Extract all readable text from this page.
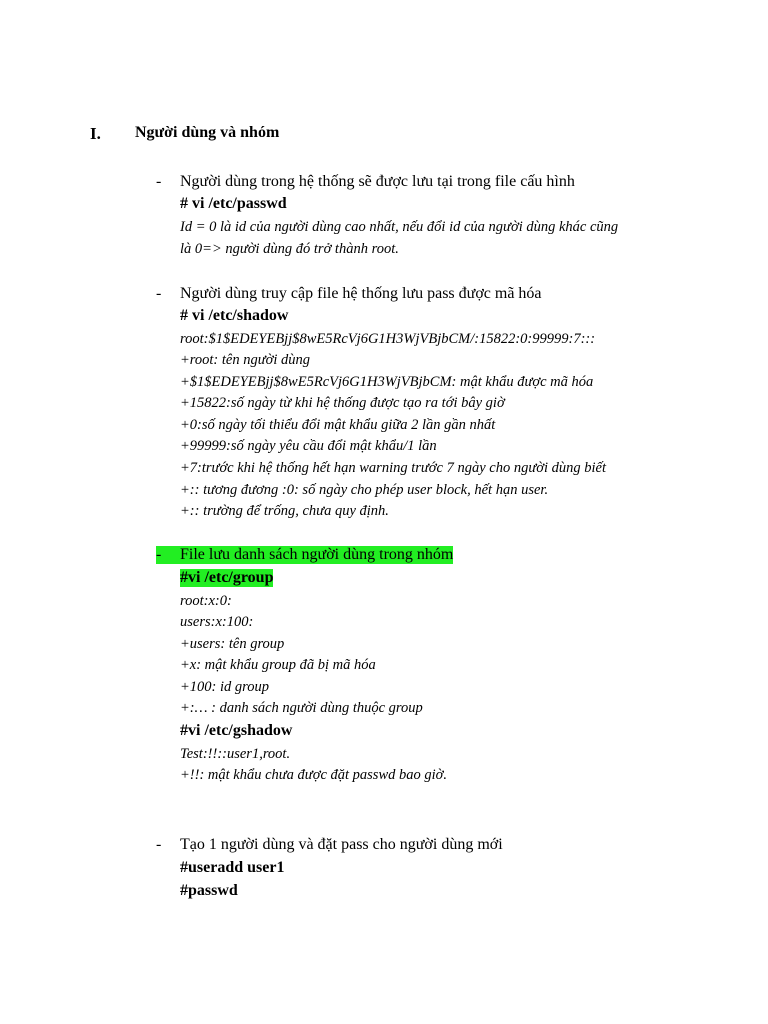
I. Người dùng và nhóm
- Người dùng trong hệ thống sẽ được lưu tại trong file cấu hình
# vi /etc/passwd
Id = 0 là id của người dùng cao nhất, nếu đổi id của người dùng khác cũng
là 0=> người dùng đó trở thành root.
- Người dùng truy cập file hệ thống lưu pass được mã hóa
# vi /etc/shadow
root:$1$EDEYEBjj$8wE5RcVj6G1H3WjVBjbCM/:15822:0:99999:7:::
+root: tên người dùng
+$1$EDEYEBjj$8wE5RcVj6G1H3WjVBjbCM: mật khẩu được mã hóa
+15822:số ngày từ khi hệ thống được tạo ra tới bây giờ
+0:số ngày tối thiểu đổi mật khẩu giữa 2 lần gần nhất
+99999:số ngày yêu cầu đổi mật khẩu/1 lần
+7:trước khi hệ thống hết hạn warning trước 7 ngày cho người dùng biết
+:: tương đương :0: số ngày cho phép user block, hết hạn user.
+:: trường để trống, chưa quy định.
-	File lưu danh sách người dùng trong nhóm
#vi /etc/group
root:x:0:
users:x:100:
+users: tên group
+x: mật khẩu group đã bị mã hóa
+100: id group
+:… : danh sách người dùng thuộc group
#vi /etc/gshadow
Test:!!::user1,root.
+!!: mật khẩu chưa được đặt passwd bao giờ.
- Tạo 1 người dùng và đặt pass cho người dùng mới
#useradd user1
#passwd
